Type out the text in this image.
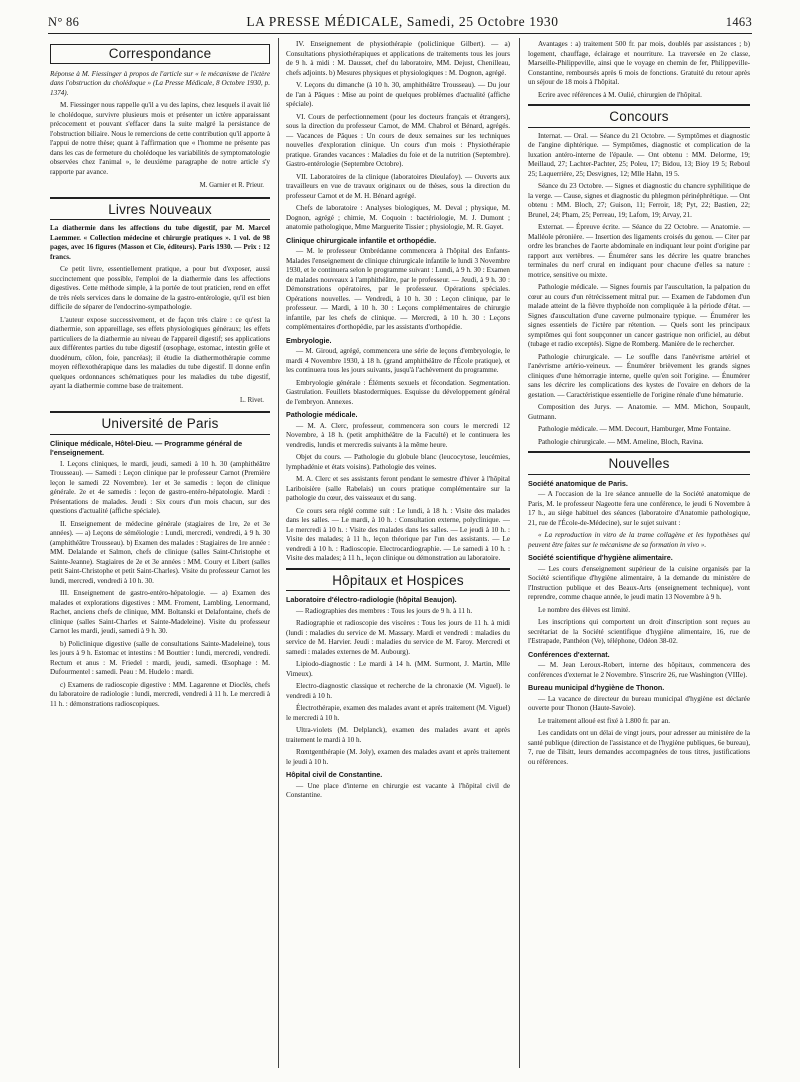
N° 86	LA PRESSE MÉDICALE, Samedi, 25 Octobre 1930	1463
Correspondance

Réponse à M. Fiessinger à propos de l'article sur « le mécanisme de l'ictère dans l'obstruction du cholédoque » (La Presse Médicale, 8 Octobre 1930, p. 1374).

M. Fiessinger nous rappelle qu'il a vu des lapins, chez lesquels il avait lié le cholédoque, survivre plusieurs mois et présenter un ictère apparaissant précocement et pouvant s'effacer dans la suite malgré la persistance de l'obstruction biliaire. Nous le remercions de cette contribution qu'il apporte à l'appui de notre thèse; quant à l'affirmation que « l'homme ne présente pas dans les cas de fermeture du cholédoque les variabilités de symptomatologie observées chez l'animal », le deuxième paragraphe de notre article s'y rapporte par avance.

M. Garnier et R. Prieur.
Livres Nouveaux

La diathermie dans les affections du tube digestif, par M. Marcel Laemmer. « Collection médecine et chirurgie pratiques ». 1 vol. de 98 pages, avec 16 figures (Masson et Cie, éditeurs). Paris 1930. — Prix : 12 francs.

Ce petit livre, essentiellement pratique, a pour but d'exposer, aussi succinctement que possible, l'emploi de la diathermie dans les affections digestives. Cette méthode simple, à la portée de tout praticien, rend en effet de très réels services dans le domaine de la gastro-entérologie, qu'il est bien difficile de séparer de l'endocrino-sympathologie.

L'auteur expose successivement, et de façon très claire : ce qu'est la diathermie, son appareillage, ses effets physiologiques généraux; les effets particuliers de la diathermie au niveau de l'appareil digestif; ses applications aux différentes parties du tube digestif (œsophage, estomac, intestin grêle et duodénum, côlon, foie, pancréas); il étudie la diathermothérapie comme moyen réflexothérapique dans les maladies du tube digestif. Il donne enfin quelques ordonnances schématiques pour les maladies du tube digestif, ayant la diathermie comme base de traitement.

L. Rivet.
Université de Paris

Clinique médicale, Hôtel-Dieu. — Programme général de l'enseignement.

I. Leçons cliniques, le mardi, jeudi, samedi à 10 h. 30 (amphithéâtre Trousseau). — Samedi : Leçon clinique par le professeur Carnot (Première leçon le samedi 22 Novembre). 1er et 3e samedis : leçon de clinique générale. 2e et 4e samedis : leçon de gastro-entéro-hépatologie. Mardi : Présentations de malades. Jeudi : Six cours d'un mois chacun, sur des questions d'actualité (affiche spéciale).

II. Enseignement de médecine générale (stagiaires de 1re, 2e et 3e années). — a) Leçons de séméiologie : Lundi, mercredi, vendredi, à 9 h. 30 (amphithéâtre Trousseau). b) Examen des malades : Stagiaires de 1re année : MM. Delalande et Salmon, chefs de clinique (salles Saint-Christophe et Sainte-Jeanne). Stagiaires de 2e et 3e années : MM. Coury et Libert (salles petit Saint-Christophe et petit Saint-Charles). Visite du professeur Carnot les lundi, mercredi, vendredi à 10 h. 30.

III. Enseignement de gastro-entéro-hépatologie. — a) Examen des malades et explorations digestives : MM. Froment, Lambling, Lenormand, Rachet, anciens chefs de clinique, MM. Boltanski et Delafontaine, chefs de clinique (salles Saint-Charles et Sainte-Madeleine). Visite du professeur Carnot les mardi, jeudi, samedi à 9 h. 30.

b) Policlinique digestive (salle de consultations Sainte-Madeleine), tous les jours à 9 h. Estomac et intestins : M Bouttier : lundi, mercredi, vendredi. Rectum et anus : M. Friedel : mardi, jeudi, samedi. Œsophage : M. Dufourmentel : samedi. Peau : M. Hudelo : mardi.

c) Examens de radioscopie digestive : MM. Lagarenne et Dioclès, chefs du laboratoire de radiologie : lundi, mercredi, vendredi à 11 h. Le mercredi à 11 h. : démonstrations radioscopiques.

IV. Enseignement de physiothérapie (policlinique Gilbert). — a) Consultations physiothérapiques et applications de traitements tous les jours de 9 h. à midi : M. Dausset, chef du laboratoire, MM. Dejust, Chenilleau, chefs adjoints. b) Mesures physiques et physiologiques : M. Dognon, agrégé.

V. Leçons du dimanche (à 10 h. 30, amphithéâtre Trousseau). — Du jour de l'an à Pâques : Mise au point de quelques problèmes d'actualité (affiche spéciale).

VI. Cours de perfectionnement (pour les docteurs français et étrangers), sous la direction du professeur Carnot, de MM. Chabrol et Bénard, agrégés. — Vacances de Pâques : Un cours de deux semaines sur les techniques nouvelles d'exploration clinique. Un cours d'un mois : Physiothérapie pratique. Grandes vacances : Maladies du foie et de la nutrition (Septembre). Gastro-entérologie (Septembre Octobre).

VII. Laboratoires de la clinique (laboratoires Dieulafoy). — Ouverts aux travailleurs en vue de travaux originaux ou de thèses, sous la direction du professeur Carnot et de M. H. Bénard agrégé.

Chefs de laboratoire : Analyses biologiques, M. Deval ; physique, M. Dognon, agrégé ; chimie, M. Coquoin : bactériologie, M. J. Dumont ; anatomie pathologique, Mme Marguerite Tissier ; physiologie, M. R. Gayet.

Clinique chirurgicale infantile et orthopédie.

— M. le professeur Ombrédanne commencera à l'hôpital des Enfants-Malades l'enseignement de clinique chirurgicale infantile le lundi 3 Novembre 1930, et le continuera selon le programme suivant : Lundi, à 9 h. 30 : Examen de malades nouveaux à l'amphithéâtre, par le professeur. — Jeudi, à 9 h. 30 : Démonstrations opératoires, par le professeur. Opérations spéciales. Opérations nouvelles. — Vendredi, à 10 h. 30 : Leçon clinique, par le professeur. — Mardi, à 10 h. 30 : Leçons complémentaires de chirurgie infantile, par les chefs de clinique. — Mercredi, à 10 h. 30 : Leçons complémentaires d'orthopédie, par les assistants d'orthopédie.

Embryologie.

— M. Giroud, agrégé, commencera une série de leçons d'embryologie, le mardi 4 Novembre 1930, à 18 h. (grand amphithéâtre de l'École pratique), et les continuera tous les jours suivants, jusqu'à l'achèvement du programme.

Embryologie générale : Éléments sexuels et fécondation. Segmentation. Gastrulation. Feuillets blastodermiques. Esquisse du développement général de l'embryon. Annexes.

Pathologie médicale.

— M. A. Clerc, professeur, commencera son cours le mercredi 12 Novembre, à 18 h. (petit amphithéâtre de la Faculté) et le continuera les vendredis, lundis et mercredis suivants à la même heure.

Objet du cours. — Pathologie du globule blanc (leucocytose, leucémies, lymphadénie et états voisins). Pathologie des veines.

M. A. Clerc et ses assistants feront pendant le semestre d'hiver à l'hôpital Lariboisière (salle Rabelais) un cours pratique complémentaire sur la pathologie du cœur, des vaisseaux et du sang.

Ce cours sera réglé comme suit : Le lundi, à 18 h. : Visite des malades dans les salles. — Le mardi, à 10 h. : Consultation externe, polyclinique. — Le mercredi à 10 h. : Visite des malades dans les salles. — Le jeudi à 10 h. : Visite des malades; à 11 h., leçon théorique par l'un des assistants. — Le vendredi à 10 h. : Radioscopie. Electrocardiographie. — Le samedi à 10 h. : Visite des malades; à 11 h., leçon clinique ou démonstration au laboratoire.

Hôpitaux et Hospices

Laboratoire d'électro-radiologie (hôpital Beaujon).

— Radiographies des membres : Tous les jours de 9 h. à 11 h.

Radiographie et radioscopie des viscères : Tous les jours de 11 h. à midi (lundi : maladies du service de M. Massary. Mardi et vendredi : maladies du service de M. Harvier. Jeudi : maladies du service de M. Faroy. Mercredi et samedi : malades externes de M. Aubourg).

Lipiodo-diagnostic : Le mardi à 14 h. (MM. Surmont, J. Martin, Mlle Vimeux).

Electro-diagnostic classique et recherche de la chronaxie (M. Viguel). le vendredi à 10 h.

Électrothérapie, examen des malades avant et après traitement (M. Viguel) le mercredi à 10 h.

Ultra-violets (M. Delplanck), examen des malades avant et après traitement le mardi à 10 h.

Rœntgenthérapie (M. Joly), examen des malades avant et après traitement le jeudi à 10 h.

Hôpital civil de Constantine.

— Une place d'interne en chirurgie est vacante à l'hôpital civil de Constantine.

Avantages : a) traitement 500 fr. par mois, doublés par assistances ; b) logement, chauffage, éclairage et nourriture. La traversée en 2e classe, Marseille-Philippeville, ainsi que le voyage en chemin de fer, Philippeville-Constantine, remboursés après 6 mois de fonctions. Gratuité du retour après un séjour de 18 mois à l'hôpital.

Ecrire avec références à M. Oulié, chirurgien de l'hôpital.

Concours

Internat. — Oral. — Séance du 21 Octobre. — Symptômes et diagnostic de l'angine diphtérique. — Symptômes, diagnostic et complication de la luxation antéro-interne de l'épaule. — Ont obtenu : MM. Delorme, 19; Meillaud, 27; Lachter-Pachter, 25; Poleu, 17; Bidou, 13; Bioy 19 5; Reboul 25; Laquerrière, 25; Desvignes, 12; Mlle Hahn, 19 5.

Séance du 23 Octobre. — Signes et diagnostic du chancre syphilitique de la verge. — Cause, signes et diagnostic du phlegmon périnéphrétique. — Ont obtenu : MM. Bloch, 27; Guison, 11; Ferroir, 18; Pyt, 22; Bastien, 22; Brunel, 24; Pham, 25; Perreau, 19; Lafom, 19; Arvay, 21.

Externat. — Épreuve écrite. — Séance du 22 Octobre. — Anatomie. — Malléole péronière. — Insertion des ligaments croisés du genou. — Citer par ordre les branches de l'aorte abdominale en indiquant leur point d'origine par rapport aux vertèbres. — Énumérer sans les décrire les quatre branches terminales du nerf crural en indiquant pour chacune d'elles sa nature : motrice, sensitive ou mixte.

Pathologie médicale. — Signes fournis par l'auscultation, la palpation du cœur au cours d'un rétrécissement mitral pur. — Examen de l'abdomen d'un malade atteint de la fièvre thyphoïde non compliquée à la période d'état. — Signes d'auscultation d'une caverne pulmonaire typique. — Énumérer les signes essentiels de l'ictère par rétention. — Quels sont les principaux symptômes qui font soupçonner un cancer gastrique non orificiel, au début (tubage et radio exceptés). Signe de Romberg. Manière de le rechercher.

Pathologie chirurgicale. — Le souffle dans l'anévrisme artériel et l'anévrisme artério-veineux. — Énumérer brièvement les grands signes cliniques d'une hémorragie interne, quelle qu'en soit l'origine. — Énumérer sans les décrire les complications des kystes de l'ovaire en dehors de la gestation. — Caractéristique essentielle de l'origine rénale d'une hématurie.

Composition des Jurys. — Anatomie. — MM. Michon, Soupault, Gutmann.

Pathologie médicale. — MM. Decourt, Hamburger, Mme Fontaine.

Pathologie chirurgicale. — MM. Ameline, Bloch, Ravina.

Nouvelles

Société anatomique de Paris.

— A l'occasion de la 1re séance annuelle de la Société anatomique de Paris, M. le professeur Nageotte fera une conférence, le jeudi 6 Novembre à 17 h., au siège habituel des séances (laboratoire d'Anatomie pathologique, 21, rue de l'École-de-Médecine), sur le sujet suivant :

« La reproduction in vitro de la trame collagène et les hypothèses qui peuvent être faites sur le mécanisme de sa formation in vivo ».

Société scientifique d'hygiène alimentaire.

— Les cours d'enseignement supérieur de la cuisine organisés par la Société scientifique d'hygiène alimentaire, à la demande du ministère de l'Instruction publique et des Beaux-Arts (enseignement technique), vont reprendre, comme chaque année, le jeudi matin 13 Novembre à 9 h.

Le nombre des élèves est limité.

Les inscriptions qui comportent un droit d'inscription sont reçues au secrétariat de la Société scientifique d'hygiène alimentaire, 16, rue de l'Estrapade, Panthéon (Ve), téléphone, Odéon 38-02.

Conférences d'externat.

— M. Jean Leroux-Robert, interne des hôpitaux, commencera des conférences d'externat le 2 Novembre. S'inscrire 26, rue Washington (VIIIe).

Bureau municipal d'hygiène de Thonon.

— La vacance de directeur du bureau municipal d'hygiène est déclarée ouverte pour Thonon (Haute-Savoie).

Le traitement alloué est fixé à 1.800 fr. par an.

Les candidats ont un délai de vingt jours, pour adresser au ministère de la santé publique (direction de l'assistance et de l'hygiène publiques, 6e bureau), 7, rue de Tilsitt, leurs demandes accompagnées de tous titres, justifications ou références.
